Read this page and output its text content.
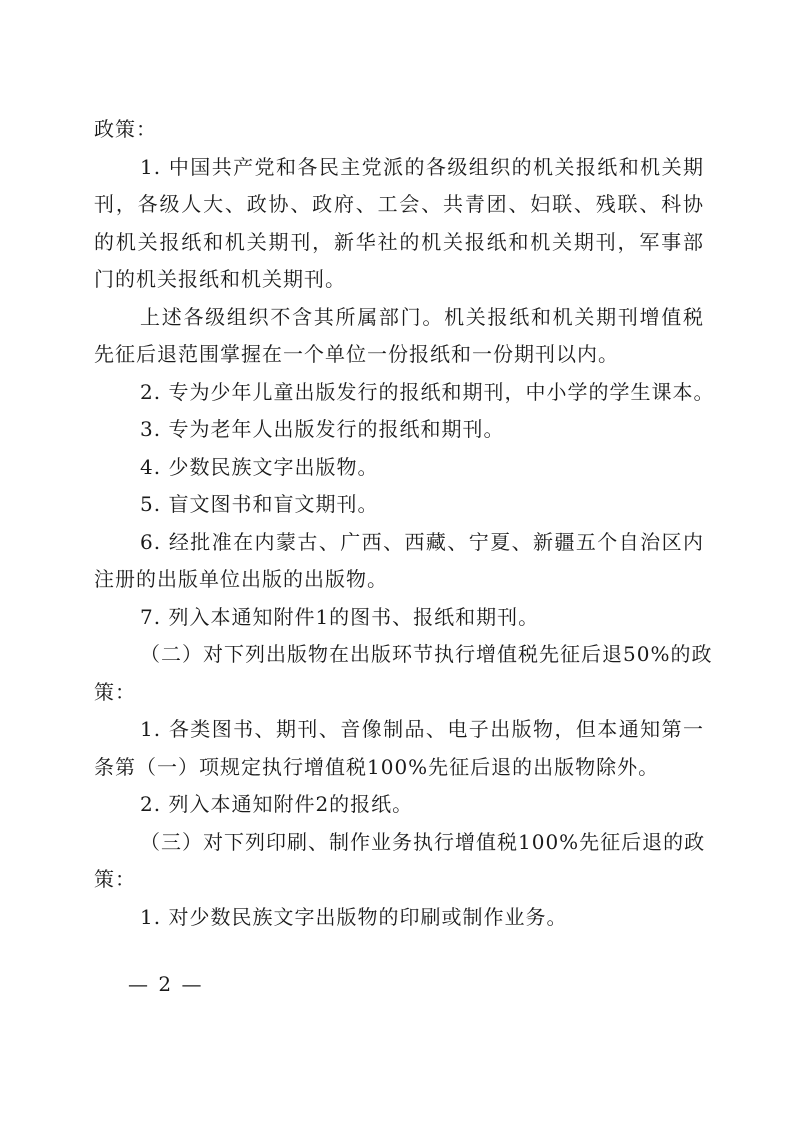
政策：
1. 中国共产党和各民主党派的各级组织的机关报纸和机关期
刊，各级人大、政协、政府、工会、共青团、妇联、残联、科协
的机关报纸和机关期刊，新华社的机关报纸和机关期刊，军事部
门的机关报纸和机关期刊。
上述各级组织不含其所属部门。机关报纸和机关期刊增值税
先征后退范围掌握在一个单位一份报纸和一份期刊以内。
2. 专为少年儿童出版发行的报纸和期刊，中小学的学生课本。
3. 专为老年人出版发行的报纸和期刊。
4. 少数民族文字出版物。
5. 盲文图书和盲文期刊。
6. 经批准在内蒙古、广西、西藏、宁夏、新疆五个自治区内
注册的出版单位出版的出版物。
7. 列入本通知附件1的图书、报纸和期刊。
（二）对下列出版物在出版环节执行增值税先征后退50%的政
策：
1. 各类图书、期刊、音像制品、电子出版物，但本通知第一
条第（一）项规定执行增值税100%先征后退的出版物除外。
2. 列入本通知附件2的报纸。
（三）对下列印刷、制作业务执行增值税100%先征后退的政
策：
1. 对少数民族文字出版物的印刷或制作业务。
— 2 —
